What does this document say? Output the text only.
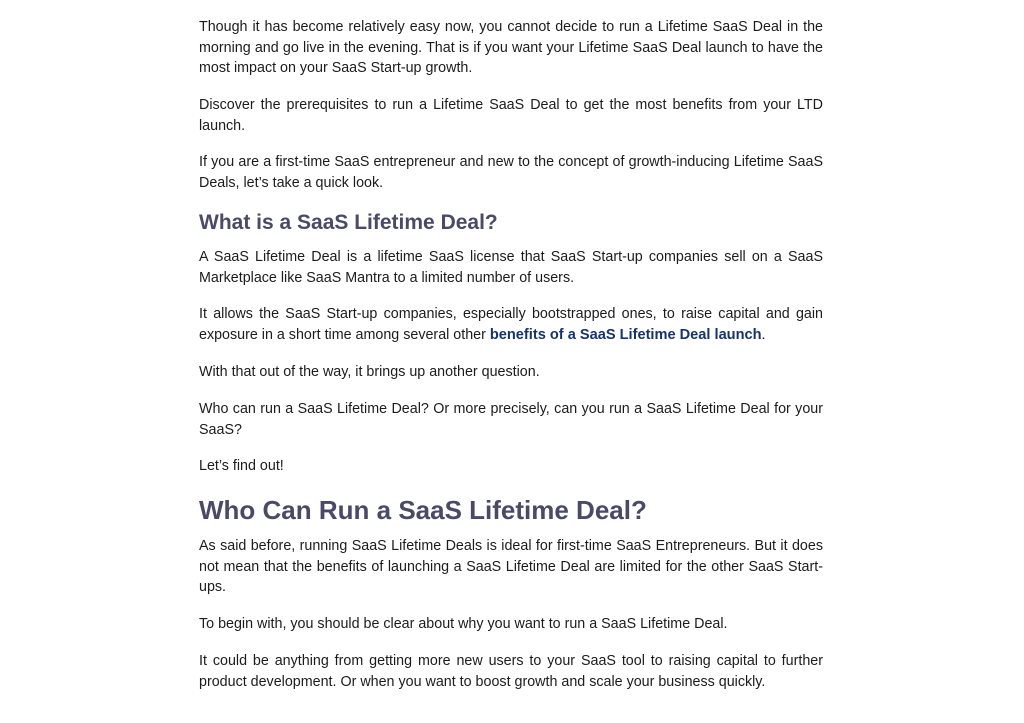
Though it has become relatively easy now, you cannot decide to run a Lifetime SaaS Deal in the morning and go live in the evening. That is if you want your Lifetime SaaS Deal launch to have the most impact on your SaaS Start-up growth.

Discover the prerequisites to run a Lifetime SaaS Deal to get the most benefits from your LTD launch.

If you are a first-time SaaS entrepreneur and new to the concept of growth-inducing Lifetime SaaS Deals, let’s take a quick look.

What is a SaaS Lifetime Deal?

A SaaS Lifetime Deal is a lifetime SaaS license that SaaS Start-up companies sell on a SaaS Marketplace like SaaS Mantra to a limited number of users.

It allows the SaaS Start-up companies, especially bootstrapped ones, to raise capital and gain exposure in a short time among several other benefits of a SaaS Lifetime Deal launch.

With that out of the way, it brings up another question.

Who can run a SaaS Lifetime Deal? Or more precisely, can you run a SaaS Lifetime Deal for your SaaS?

Let’s find out!

Who Can Run a SaaS Lifetime Deal?

As said before, running SaaS Lifetime Deals is ideal for first-time SaaS Entrepreneurs. But it does not mean that the benefits of launching a SaaS Lifetime Deal are limited for the other SaaS Start-ups.

To begin with, you should be clear about why you want to run a SaaS Lifetime Deal.

It could be anything from getting more new users to your SaaS tool to raising capital to further product development. Or when you want to boost growth and scale your business quickly.
